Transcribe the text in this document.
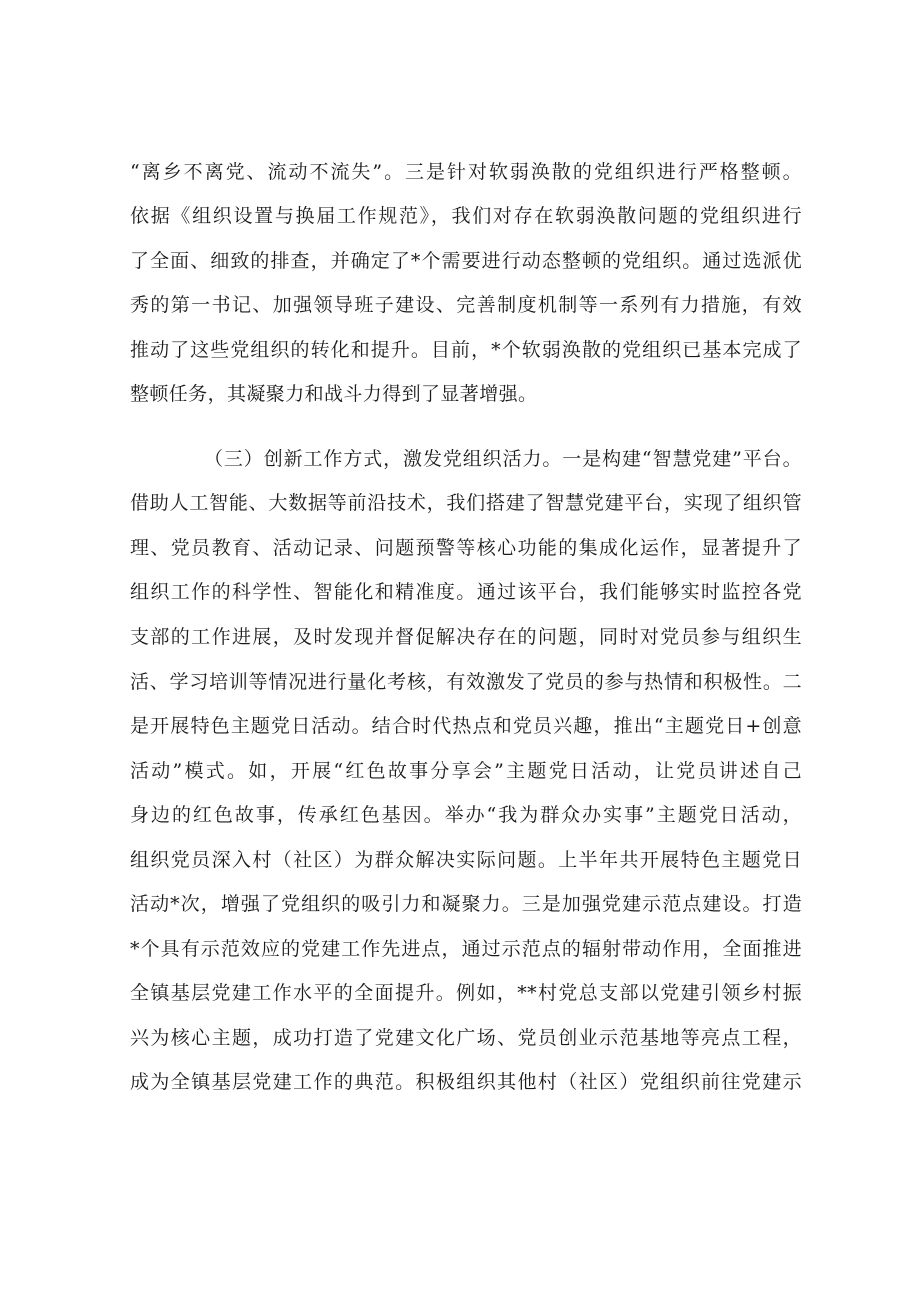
“离乡不离党、流动不流失”。三是针对软弱涣散的党组织进行严格整顿。
依据《组织设置与换届工作规范》，我们对存在软弱涣散问题的党组织进行
了全面、细致的排查，并确定了*个需要进行动态整顿的党组织。通过选派优
秀的第一书记、加强领导班子建设、完善制度机制等一系列有力措施，有效
推动了这些党组织的转化和提升。目前，*个软弱涣散的党组织已基本完成了
整顿任务，其凝聚力和战斗力得到了显著增强。
（三）创新工作方式，激发党组织活力。一是构建“智慧党建”平台。
借助人工智能、大数据等前沿技术，我们搭建了智慧党建平台，实现了组织管
理、党员教育、活动记录、问题预警等核心功能的集成化运作，显著提升了
组织工作的科学性、智能化和精准度。通过该平台，我们能够实时监控各党
支部的工作进展，及时发现并督促解决存在的问题，同时对党员参与组织生
活、学习培训等情况进行量化考核，有效激发了党员的参与热情和积极性。二
是开展特色主题党日活动。结合时代热点和党员兴趣，推出“主题党日+创意
活动”模式。如，开展“红色故事分享会”主题党日活动，让党员讲述自己
身边的红色故事，传承红色基因。举办“我为群众办实事”主题党日活动，
组织党员深入村（社区）为群众解决实际问题。上半年共开展特色主题党日
活动*次，增强了党组织的吸引力和凝聚力。三是加强党建示范点建设。打造
*个具有示范效应的党建工作先进点，通过示范点的辐射带动作用，全面推进
全镇基层党建工作水平的全面提升。例如，**村党总支部以党建引领乡村振
兴为核心主题，成功打造了党建文化广场、党员创业示范基地等亮点工程，
成为全镇基层党建工作的典范。积极组织其他村（社区）党组织前往党建示
